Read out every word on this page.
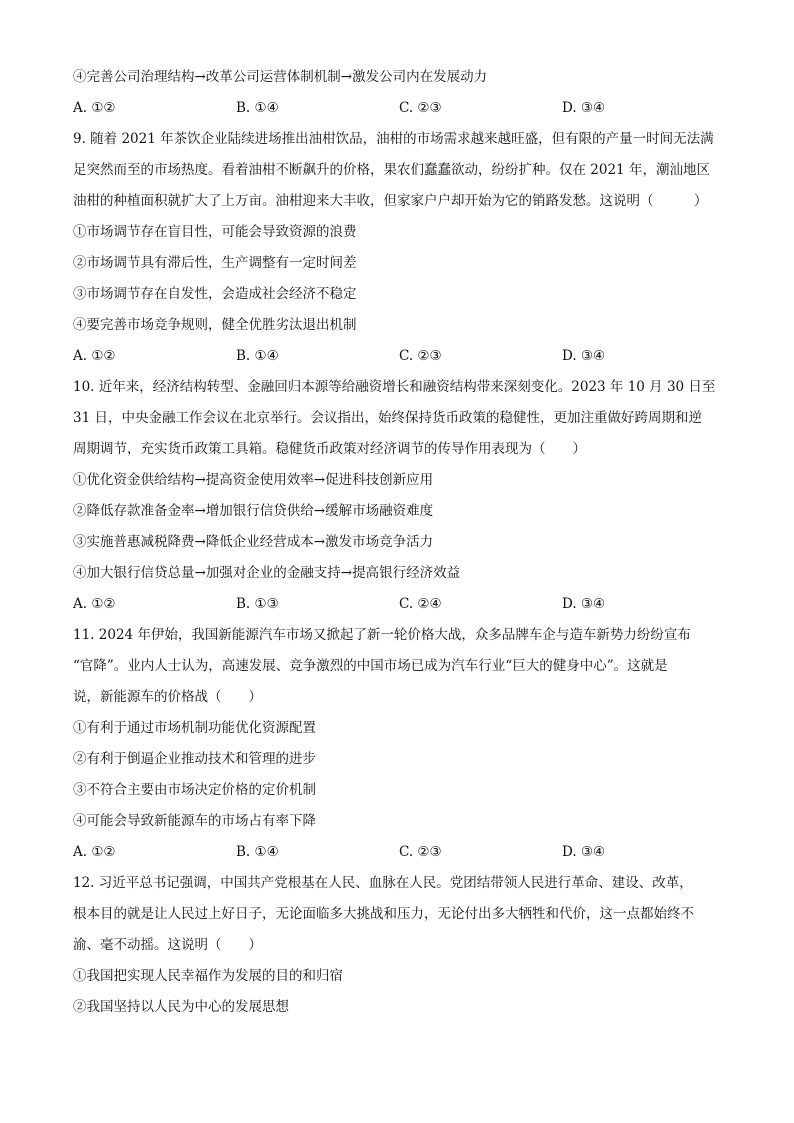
④完善公司治理结构→改革公司运营体制机制→激发公司内在发展动力
A. ①②	B. ①④	C. ②③	D. ③④
9. 随着 2021 年茶饮企业陆续进场推出油柑饮品，油柑的市场需求越来越旺盛，但有限的产量一时间无法满
足突然而至的市场热度。看着油柑不断飙升的价格，果农们蠢蠢欲动，纷纷扩种。仅在 2021 年，潮汕地区
油柑的种植面积就扩大了上万亩。油柑迎来大丰收，但家家户户却开始为它的销路发愁。这说明（　　　）
①市场调节存在盲目性，可能会导致资源的浪费
②市场调节具有滞后性，生产调整有一定时间差
③市场调节存在自发性，会造成社会经济不稳定
④要完善市场竞争规则，健全优胜劣汰退出机制
A. ①②	B. ①④	C. ②③	D. ③④
10. 近年来，经济结构转型、金融回归本源等给融资增长和融资结构带来深刻变化。2023 年 10 月 30 日至
31 日，中央金融工作会议在北京举行。会议指出，始终保持货币政策的稳健性，更加注重做好跨周期和逆
周期调节，充实货币政策工具箱。稳健货币政策对经济调节的传导作用表现为（　　）
①优化资金供给结构→提高资金使用效率→促进科技创新应用
②降低存款准备金率→增加银行信贷供给→缓解市场融资难度
③实施普惠减税降费→降低企业经营成本→激发市场竞争活力
④加大银行信贷总量→加强对企业的金融支持→提高银行经济效益
A. ①②	B. ①③	C. ②④	D. ③④
11. 2024 年伊始，我国新能源汽车市场又掀起了新一轮价格大战，众多品牌车企与造车新势力纷纷宣布
“官降”。业内人士认为，高速发展、竞争激烈的中国市场已成为汽车行业“巨大的健身中心”。这就是
说，新能源车的价格战（　　）
①有利于通过市场机制功能优化资源配置
②有利于倒逼企业推动技术和管理的进步
③不符合主要由市场决定价格的定价机制
④可能会导致新能源车的市场占有率下降
A. ①②	B. ①④	C. ②③	D. ③④
12. 习近平总书记强调，中国共产党根基在人民、血脉在人民。党团结带领人民进行革命、建设、改革，
根本目的就是让人民过上好日子，无论面临多大挑战和压力，无论付出多大牺牲和代价，这一点都始终不
渝、毫不动摇。这说明（　　）
①我国把实现人民幸福作为发展的目的和归宿
②我国坚持以人民为中心的发展思想
